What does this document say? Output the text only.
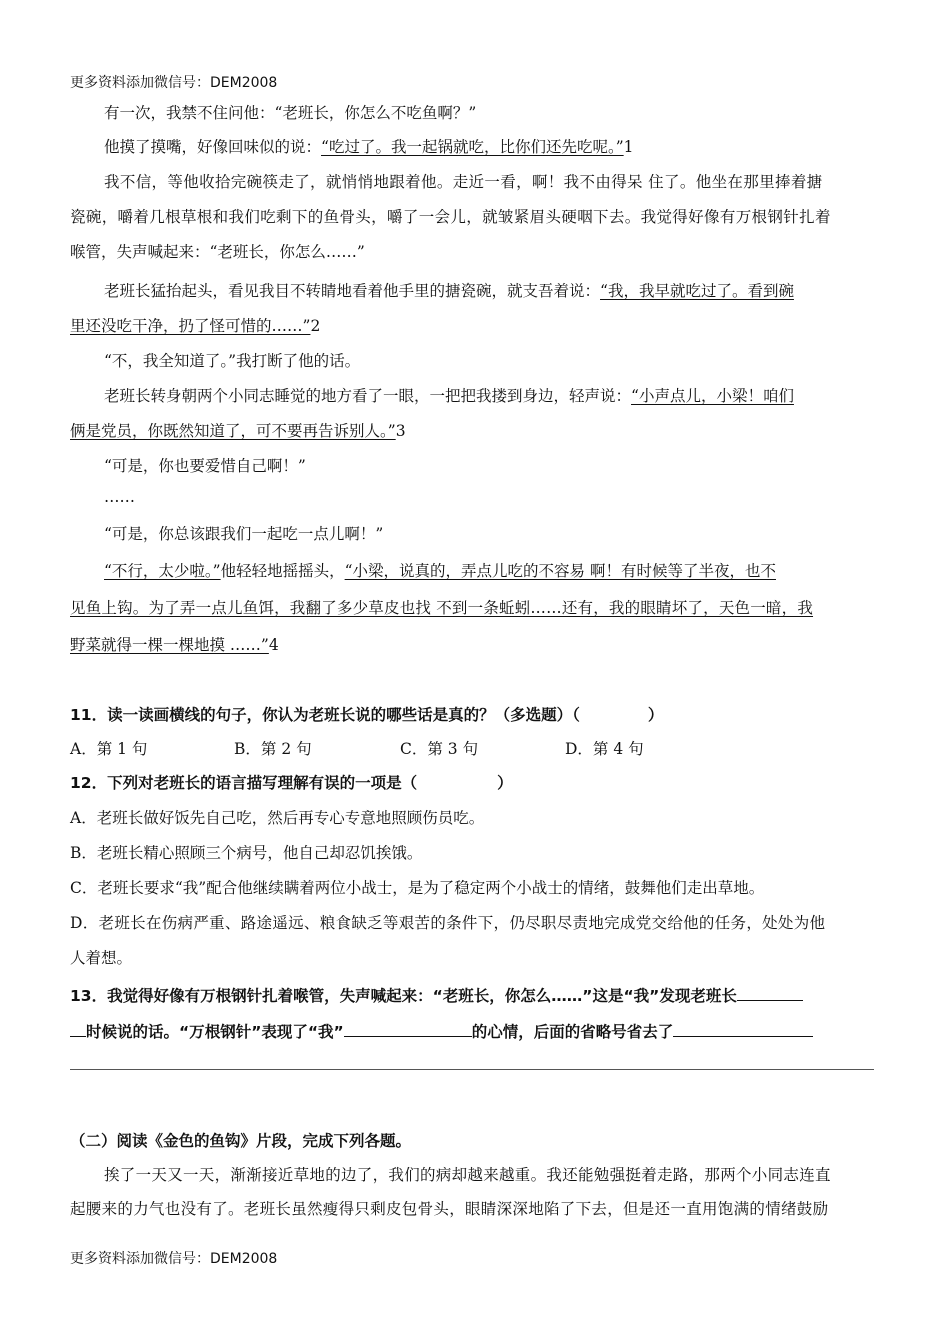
更多资料添加微信号：DEM2008
有一次，我禁不住问他：“老班长，你怎么不吃鱼啊？”
他摸了摸嘴，好像回味似的说：“吃过了。我一起锅就吃，比你们还先吃呢。”1
我不信，等他收拾完碗筷走了，就悄悄地跟着他。走近一看，啊！我不由得呆 住了。他坐在那里捧着搪
瓷碗，嚼着几根草根和我们吃剩下的鱼骨头，嚼了一会儿，就皱紧眉头硬咽下去。我觉得好像有万根钢针扎着
喉管，失声喊起来：“老班长，你怎么……”
老班长猛抬起头，看见我目不转睛地看着他手里的搪瓷碗，就支吾着说：“我，我早就吃过了。看到碗
里还没吃干净，扔了怪可惜的……”2
“不，我全知道了。”我打断了他的话。
老班长转身朝两个小同志睡觉的地方看了一眼，一把把我搂到身边，轻声说：“小声点儿，小梁！咱们
俩是党员，你既然知道了，可不要再告诉别人。”3
“可是，你也要爱惜自己啊！”
……
“可是，你总该跟我们一起吃一点儿啊！”
“不行，太少啦。”他轻轻地摇摇头，“小梁，说真的，弄点儿吃的不容易 啊！有时候等了半夜，也不
见鱼上钩。为了弄一点儿鱼饵，我翻了多少草皮也找 不到一条蚯蚓……还有，我的眼睛坏了，天色一暗，我
野菜就得一棵一棵地摸 ……”4
11．读一读画横线的句子，你认为老班长说的哪些话是真的？（多选题）（	）
A．第 1 句	B．第 2 句	C．第 3 句	D．第 4 句
12．下列对老班长的语言描写理解有误的一项是（	）
A．老班长做好饭先自己吃，然后再专心专意地照顾伤员吃。
B．老班长精心照顾三个病号，他自己却忍饥挨饿。
C．老班长要求“我”配合他继续瞒着两位小战士，是为了稳定两个小战士的情绪，鼓舞他们走出草地。
D．老班长在伤病严重、路途遥远、粮食缺乏等艰苦的条件下，仍尽职尽责地完成党交给他的任务，处处为他
人着想。
13．我觉得好像有万根钢针扎着喉管，失声喊起来：“老班长，你怎么……”这是“我”发现老班长
时候说的话。“万根钢针”表现了“我”	的心情，后面的省略号省去了
（二）阅读《金色的鱼钩》片段，完成下列各题。
挨了一天又一天，渐渐接近草地的边了，我们的病却越来越重。我还能勉强挺着走路，那两个小同志连直
起腰来的力气也没有了。老班长虽然瘦得只剩皮包骨头，眼睛深深地陷了下去，但是还一直用饱满的情绪鼓励
更多资料添加微信号：DEM2008
